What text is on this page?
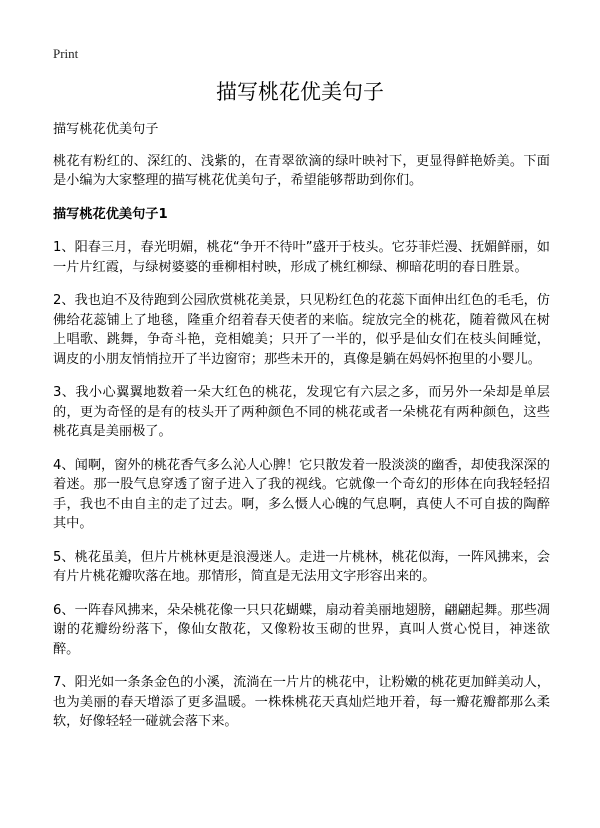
Print
描写桃花优美句子

描写桃花优美句子

桃花有粉红的、深红的、浅紫的，在青翠欲滴的绿叶映衬下，更显得鲜艳娇美。下面是小编为大家整理的描写桃花优美句子，希望能够帮助到你们。

描写桃花优美句子1

1、阳春三月，春光明媚，桃花“争开不待叶”盛开于枝头。它芬菲烂漫、抚媚鲜丽，如一片片红霞，与绿树婆婆的垂柳相村映，形成了桃红柳绿、柳暗花明的春日胜景。

2、我也迫不及待跑到公园欣赏桃花美景，只见粉红色的花蕊下面伸出红色的毛毛，仿佛给花蕊铺上了地毯，隆重介绍着春天使者的来临。绽放完全的桃花，随着微风在树上唱歌、跳舞，争奇斗艳，竞相媲美；只开了一半的，似乎是仙女们在枝头间睡觉，调皮的小朋友悄悄拉开了半边窗帘；那些未开的，真像是躺在妈妈怀抱里的小婴儿。

3、我小心翼翼地数着一朵大红色的桃花，发现它有六层之多，而另外一朵却是单层的，更为奇怪的是有的枝头开了两种颜色不同的桃花或者一朵桃花有两种颜色，这些桃花真是美丽极了。

4、闻啊，窗外的桃花香气多么沁人心脾！它只散发着一股淡淡的幽香，却使我深深的着迷。那一股气息穿透了窗子进入了我的视线。它就像一个奇幻的形体在向我轻轻招手，我也不由自主的走了过去。啊，多么慑人心魄的气息啊，真使人不可自拔的陶醉其中。

5、桃花虽美，但片片桃林更是浪漫迷人。走进一片桃林，桃花似海，一阵风拂来，会有片片桃花瓣吹落在地。那情形，简直是无法用文字形容出来的。

6、一阵春风拂来，朵朵桃花像一只只花蝴蝶，扇动着美丽地翅膀，翩翩起舞。那些凋谢的花瓣纷纷落下，像仙女散花，又像粉妆玉砌的世界，真叫人赏心悦目，神迷欲醉。

7、阳光如一条条金色的小溪，流淌在一片片的桃花中，让粉嫩的桃花更加鲜美动人，也为美丽的春天增添了更多温暖。一株株桃花天真灿烂地开着，每一瓣花瓣都那么柔软，好像轻轻一碰就会落下来。
